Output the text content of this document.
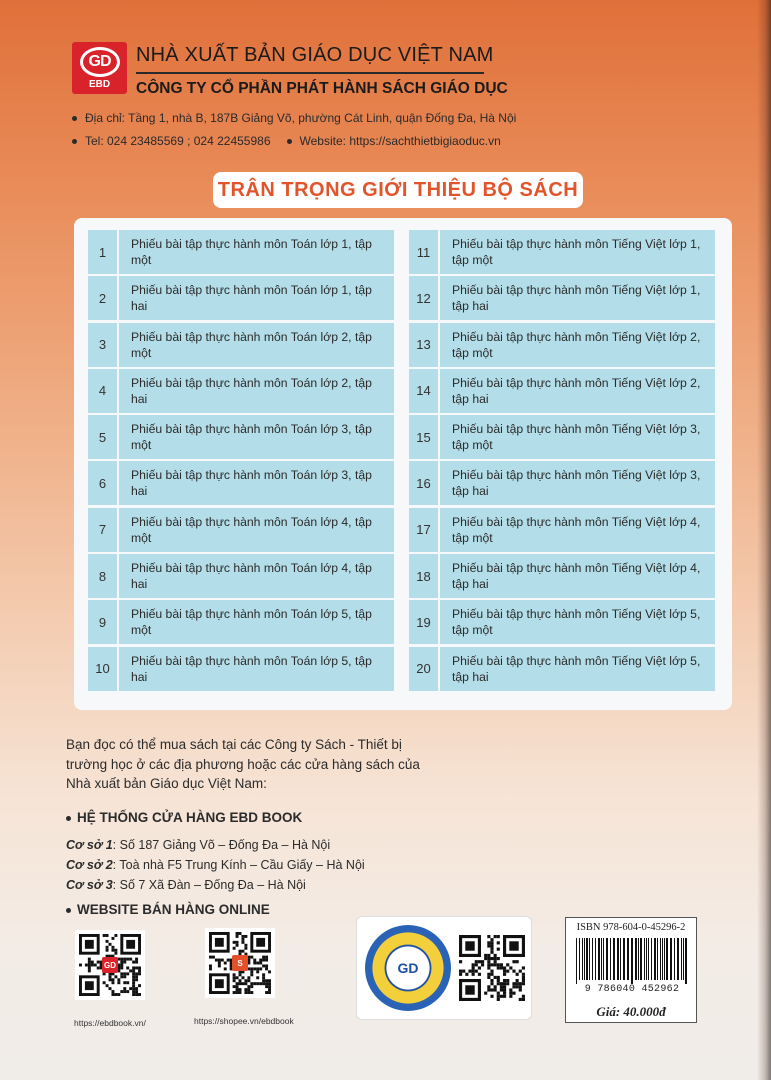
GD
EBD
NHÀ XUẤT BẢN GIÁO DỤC VIỆT NAM
CÔNG TY CỔ PHẦN PHÁT HÀNH SÁCH GIÁO DỤC
Địa chỉ: Tầng 1, nhà B, 187B Giảng Võ, phường Cát Linh, quận Đống Đa, Hà Nội
Tel: 024 23485569 ; 024 22455986 Website: https://sachthietbigiaoduc.vn
TRÂN TRỌNG GIỚI THIỆU BỘ SÁCH
1
Phiếu bài tập thực hành môn Toán lớp 1, tập một
2
Phiếu bài tập thực hành môn Toán lớp 1, tập hai
3
Phiếu bài tập thực hành môn Toán lớp 2, tập một
4
Phiếu bài tập thực hành môn Toán lớp 2, tập hai
5
Phiếu bài tập thực hành môn Toán lớp 3, tập một
6
Phiếu bài tập thực hành môn Toán lớp 3, tập hai
7
Phiếu bài tập thực hành môn Toán lớp 4, tập một
8
Phiếu bài tập thực hành môn Toán lớp 4, tập hai
9
Phiếu bài tập thực hành môn Toán lớp 5, tập một
10
Phiếu bài tập thực hành môn Toán lớp 5, tập hai
11
Phiếu bài tập thực hành môn Tiếng Việt lớp 1, tập một
12
Phiếu bài tập thực hành môn Tiếng Việt lớp 1, tập hai
13
Phiếu bài tập thực hành môn Tiếng Việt lớp 2, tập một
14
Phiếu bài tập thực hành môn Tiếng Việt lớp 2, tập hai
15
Phiếu bài tập thực hành môn Tiếng Việt lớp 3, tập một
16
Phiếu bài tập thực hành môn Tiếng Việt lớp 3, tập hai
17
Phiếu bài tập thực hành môn Tiếng Việt lớp 4, tập một
18
Phiếu bài tập thực hành môn Tiếng Việt lớp 4, tập hai
19
Phiếu bài tập thực hành môn Tiếng Việt lớp 5, tập một
20
Phiếu bài tập thực hành môn Tiếng Việt lớp 5, tập hai
Bạn đọc có thể mua sách tại các Công ty Sách - Thiết bị trường học ở các địa phương hoặc các cửa hàng sách của Nhà xuất bản Giáo dục Việt Nam:
HỆ THỐNG CỬA HÀNG EBD BOOK
Cơ sở 1: Số 187 Giảng Võ – Đống Đa – Hà Nội
Cơ sở 2: Toà nhà F5 Trung Kính – Cầu Giấy – Hà Nội
Cơ sở 3: Số 7 Xã Đàn – Đống Đa – Hà Nội
WEBSITE BÁN HÀNG ONLINE
GD
https://ebdbook.vn/
S
https://shopee.vn/ebdbook
GD
ISBN 978-604-0-45296-2
9 786040 452962
Giá: 40.000đ
